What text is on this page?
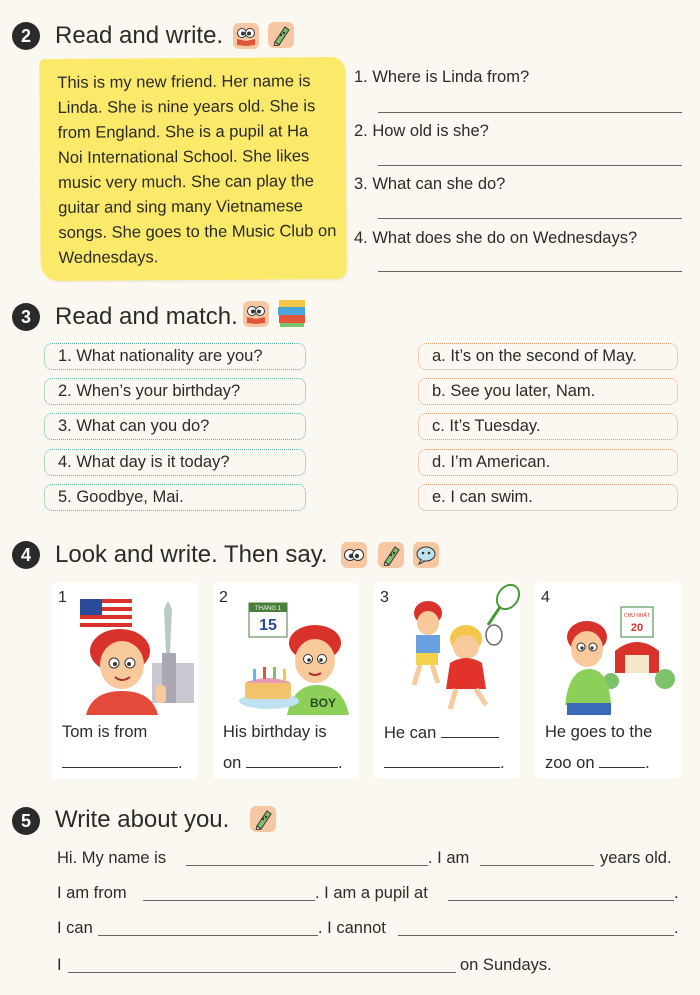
2	Read and write.

This is my new friend. Her name is Linda. She is nine years old. She is from England. She is a pupil at Ha Noi International School. She likes music very much. She can play the guitar and sing many Vietnamese songs. She goes to the Music Club on Wednesdays.

1. Where is Linda from?
2. How old is she?
3. What can she do?
4. What does she do on Wednesdays?
3	Read and match.
1. What nationality are you?
2. When’s your birthday?
3. What can you do?
4. What day is it today?
5. Goodbye, Mai.
a. It’s on the second of May.
b. See you later, Nam.
c. It’s Tuesday.
d. I’m American.
e. I can swim.
4	Look and write. Then say.
1
Tom is from
.
2
THANG 1
15
BOY
His birthday is
on	.
3
He can
.
4
CHỦ NHẬT
20
He goes to the
zoo on	.
5	Write about you.
Hi. My name is	. I am	years old.
I am from	. I am a pupil at	.
I can	. I cannot	.
I	on Sundays.
